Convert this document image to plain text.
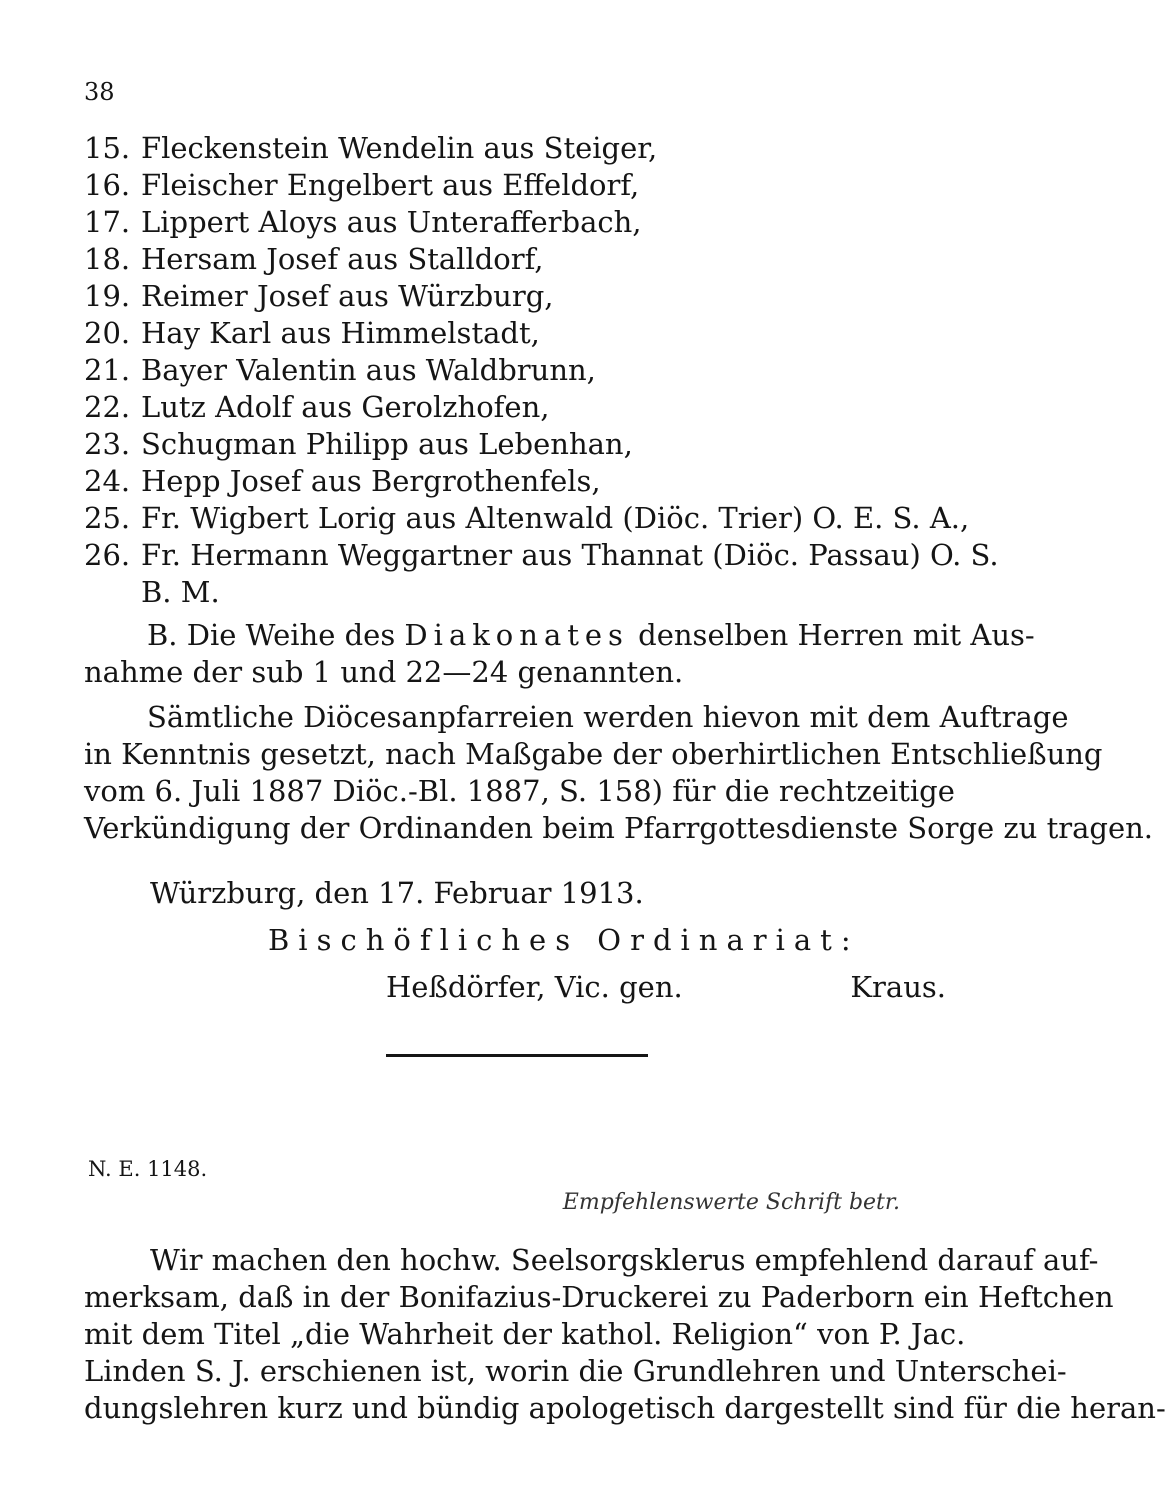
38
15. Fleckenstein Wendelin aus Steiger,
16. Fleischer Engelbert aus Effeldorf,
17. Lippert Aloys aus Unterafferbach,
18. Hersam Josef aus Stalldorf,
19. Reimer Josef aus Würzburg,
20. Hay Karl aus Himmelstadt,
21. Bayer Valentin aus Waldbrunn,
22. Lutz Adolf aus Gerolzhofen,
23. Schugman Philipp aus Lebenhan,
24. Hepp Josef aus Bergrothenfels,
25. Fr. Wigbert Lorig aus Altenwald (Diöc. Trier) O. E. S. A.,
26. Fr. Hermann Weggartner aus Thannat (Diöc. Passau) O. S.
B. M.
B. Die Weihe des Diakonates denselben Herren mit Aus-
nahme der sub 1 und 22—24 genannten.
Sämtliche Diöcesanpfarreien werden hievon mit dem Auftrage
in Kenntnis gesetzt, nach Maßgabe der oberhirtlichen Entschließung
vom 6. Juli 1887 Diöc.-Bl. 1887, S. 158) für die rechtzeitige
Verkündigung der Ordinanden beim Pfarrgottesdienste Sorge zu tragen.
Würzburg, den 17. Februar 1913.
Bischöfliches Ordinariat:
Heßdörfer, Vic. gen.	Kraus.
N. E. 1148.
Empfehlenswerte Schrift betr.
Wir machen den hochw. Seelsorgsklerus empfehlend darauf auf-
merksam, daß in der Bonifazius-Druckerei zu Paderborn ein Heftchen
mit dem Titel „die Wahrheit der kathol. Religion“ von P. Jac.
Linden S. J. erschienen ist, worin die Grundlehren und Unterschei-
dungslehren kurz und bündig apologetisch dargestellt sind für die heran-
